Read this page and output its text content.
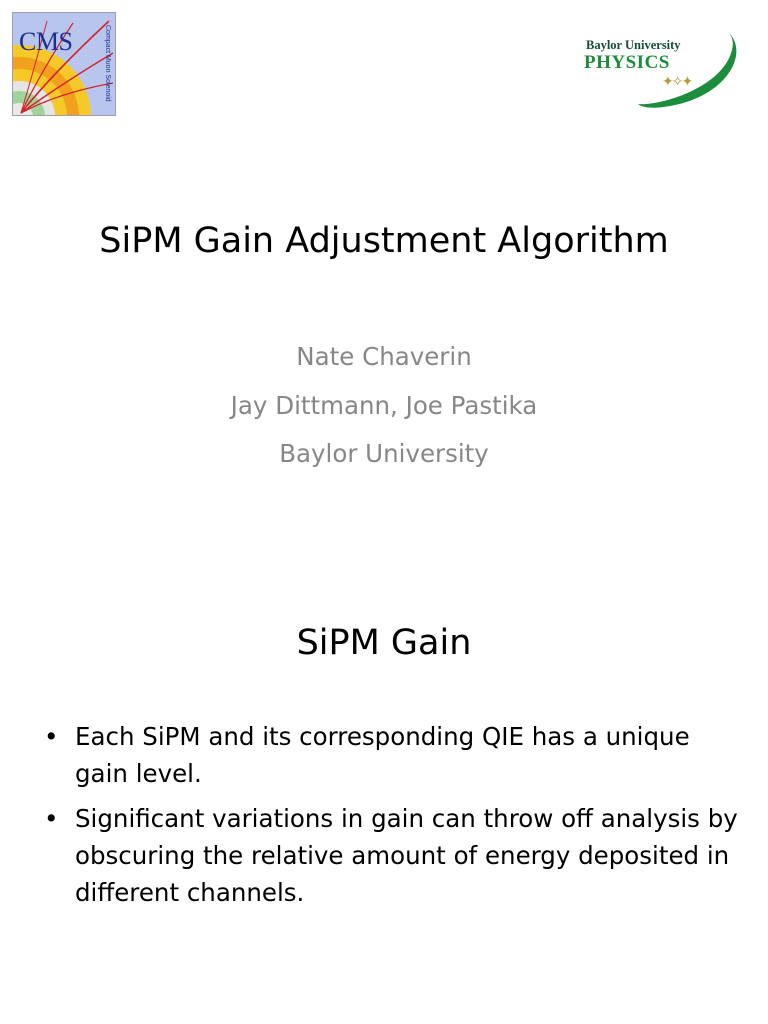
CMS	Compact Muon Solenoid	Baylor University
PHYSICS
✦✧✦
SiPM Gain Adjustment Algorithm
Nate Chaverin
Jay Dittmann, Joe Pastika
Baylor University
SiPM Gain
• Each SiPM and its corresponding QIE has a unique gain level.
• Significant variations in gain can throw off analysis by obscuring the relative amount of energy deposited in different channels.
